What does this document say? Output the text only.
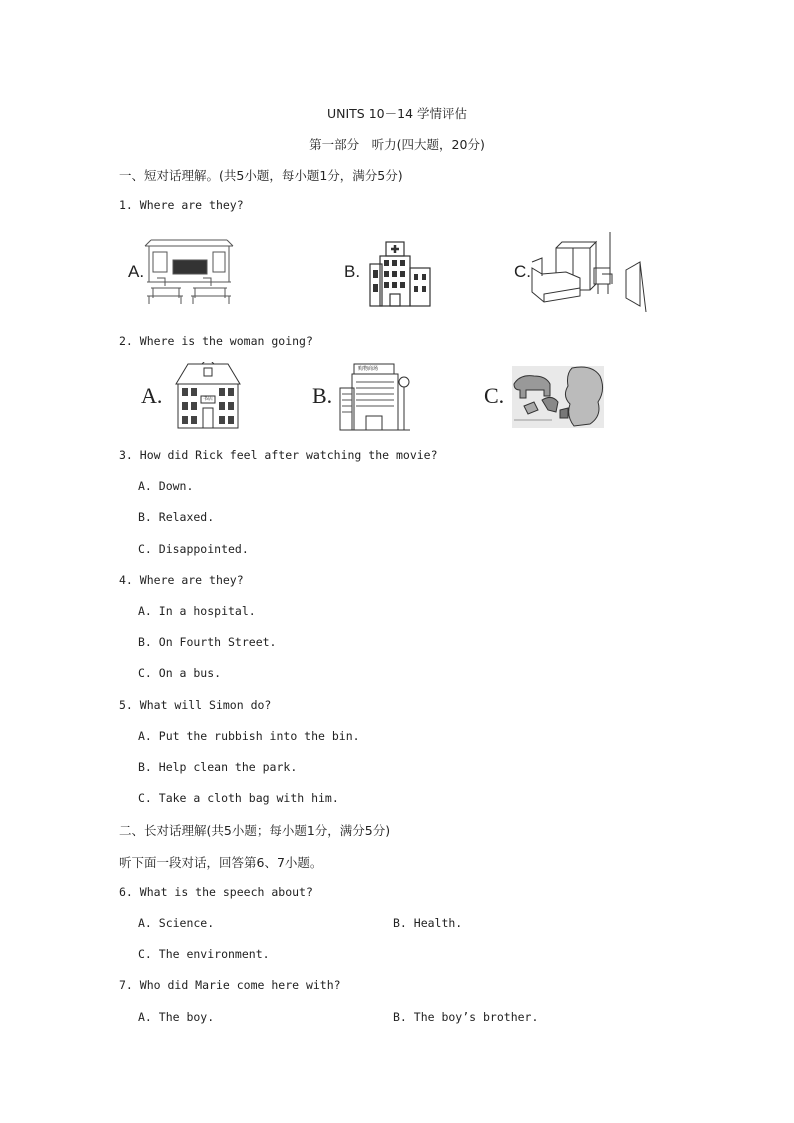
UNITS 10－14 学情评估
第一部分　听力(四大题，20分)
一、短对话理解。(共5小题，每小题1分，满分5分)
1. Where are they?
A.	B.	C.
2. Where is the woman going?
A.	书店	B.
购物商场
C.
3. How did Rick feel after watching the movie?
A. Down.
B. Relaxed.
C. Disappointed.
4. Where are they?
A. In a hospital.
B. On Fourth Street.
C. On a bus.
5. What will Simon do?
A. Put the rubbish into the bin.
B. Help clean the park.
C. Take a cloth bag with him.
二、长对话理解(共5小题；每小题1分，满分5分)
听下面一段对话，回答第6、7小题。
6. What is the speech about?
A. Science.	B. Health.
C. The environment.
7. Who did Marie come here with?
A. The boy.	B. The boy’s brother.
